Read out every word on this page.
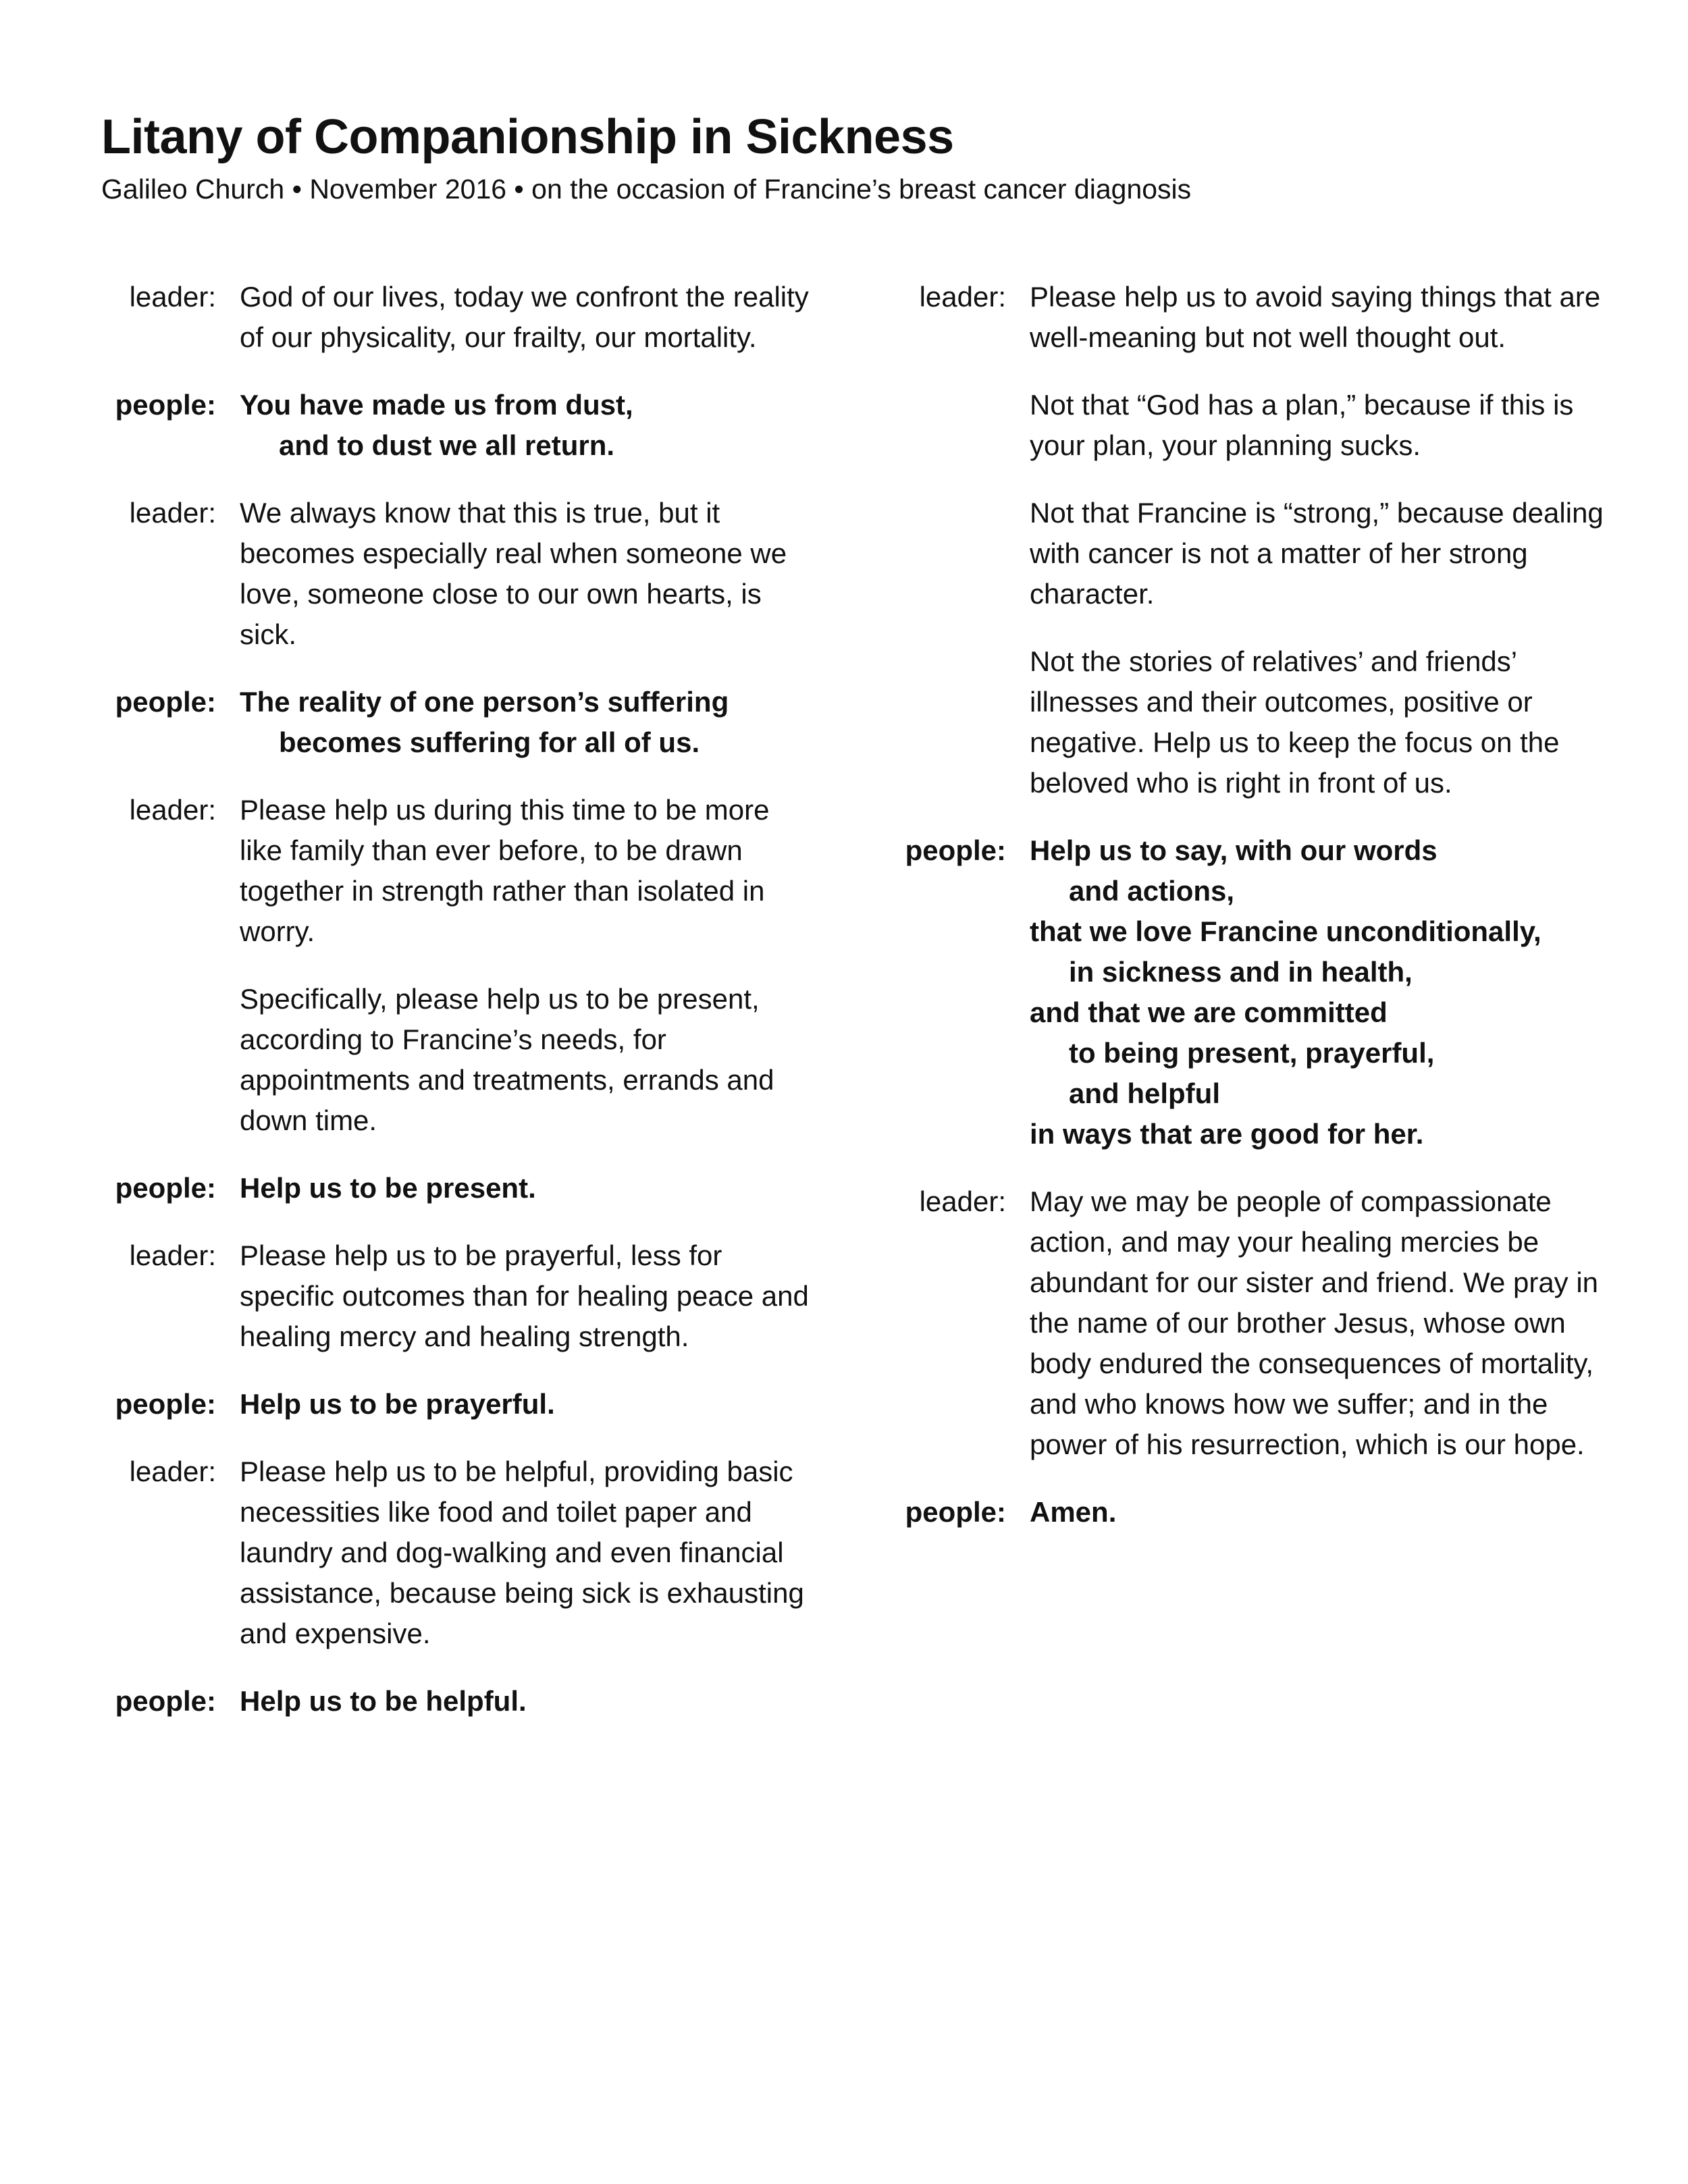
Litany of Companionship in Sickness
Galileo Church • November 2016 • on the occasion of Francine’s breast cancer diagnosis
leader: God of our lives, today we confront the reality of our physicality, our frailty, our mortality.

people: You have made us from dust,
and to dust we all return.
leader: We always know that this is true, but it becomes especially real when someone we love, someone close to our own hearts, is sick.

people: The reality of one person’s suffering
becomes suffering for all of us.
leader: Please help us during this time to be more like family than ever before, to be drawn together in strength rather than isolated in worry.

Specifically, please help us to be present, according to Francine’s needs, for appointments and treatments, errands and down time.

people: Help us to be present.
leader: Please help us to be prayerful, less for specific outcomes than for healing peace and healing mercy and healing strength.

people: Help us to be prayerful.
leader: Please help us to be helpful, providing basic necessities like food and toilet paper and laundry and dog-walking and even financial assistance, because being sick is exhausting and expensive.

people: Help us to be helpful.
leader: Please help us to avoid saying things that are well-meaning but not well thought out.

Not that “God has a plan,” because if this is your plan, your planning sucks.

Not that Francine is “strong,” because dealing with cancer is not a matter of her strong character.

Not the stories of relatives’ and friends’ illnesses and their outcomes, positive or negative. Help us to keep the focus on the beloved who is right in front of us.

people: Help us to say, with our words
and actions,
that we love Francine unconditionally,
in sickness and in health,
and that we are committed
to being present, prayerful,
and helpful
in ways that are good for her.
leader: May we may be people of compassionate action, and may your healing mercies be abundant for our sister and friend. We pray in the name of our brother Jesus, whose own body endured the consequences of mortality, and who knows how we suffer; and in the power of his resurrection, which is our hope.

people: Amen.
